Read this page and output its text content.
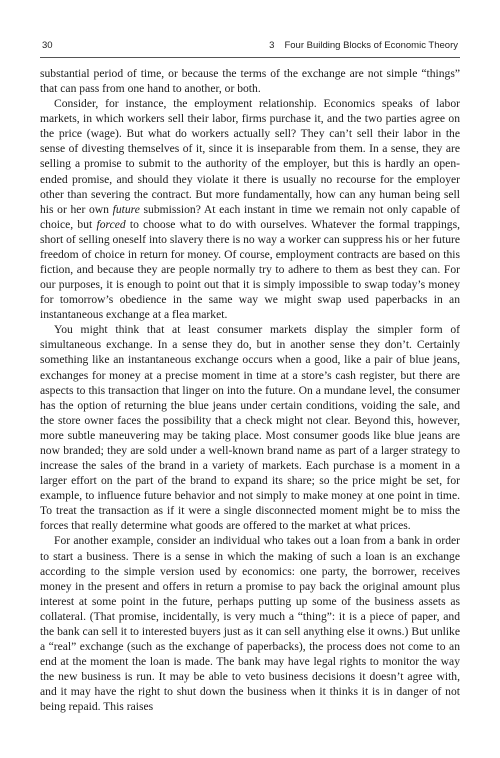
30	3 Four Building Blocks of Economic Theory

substantial period of time, or because the terms of the exchange are not simple “things” that can pass from one hand to another, or both.

Consider, for instance, the employment relationship. Economics speaks of labor markets, in which workers sell their labor, firms purchase it, and the two parties agree on the price (wage). But what do workers actually sell? They can’t sell their labor in the sense of divesting themselves of it, since it is inseparable from them. In a sense, they are selling a promise to submit to the authority of the employer, but this is hardly an open-ended promise, and should they violate it there is usually no recourse for the employer other than severing the contract. But more fundamentally, how can any human being sell his or her own future submission? At each instant in time we remain not only capable of choice, but forced to choose what to do with ourselves. Whatever the formal trappings, short of selling oneself into slavery there is no way a worker can suppress his or her future freedom of choice in return for money. Of course, employment contracts are based on this fiction, and because they are people normally try to adhere to them as best they can. For our purposes, it is enough to point out that it is simply impossible to swap today’s money for tomorrow’s obedience in the same way we might swap used paperbacks in an instantaneous exchange at a flea market.

You might think that at least consumer markets display the simpler form of simultaneous exchange. In a sense they do, but in another sense they don’t. Certainly something like an instantaneous exchange occurs when a good, like a pair of blue jeans, exchanges for money at a precise moment in time at a store’s cash register, but there are aspects to this transaction that linger on into the future. On a mundane level, the consumer has the option of returning the blue jeans under certain conditions, voiding the sale, and the store owner faces the possibility that a check might not clear. Beyond this, however, more subtle maneuvering may be taking place. Most consumer goods like blue jeans are now branded; they are sold under a well-known brand name as part of a larger strategy to increase the sales of the brand in a variety of markets. Each purchase is a moment in a larger effort on the part of the brand to expand its share; so the price might be set, for example, to influence future behavior and not simply to make money at one point in time. To treat the transaction as if it were a single disconnected moment might be to miss the forces that really determine what goods are offered to the market at what prices.

For another example, consider an individual who takes out a loan from a bank in order to start a business. There is a sense in which the making of such a loan is an exchange according to the simple version used by economics: one party, the borrower, receives money in the present and offers in return a promise to pay back the original amount plus interest at some point in the future, perhaps putting up some of the business assets as collateral. (That promise, incidentally, is very much a “thing”: it is a piece of paper, and the bank can sell it to interested buyers just as it can sell anything else it owns.) But unlike a “real” exchange (such as the exchange of paperbacks), the process does not come to an end at the moment the loan is made. The bank may have legal rights to monitor the way the new business is run. It may be able to veto business decisions it doesn’t agree with, and it may have the right to shut down the business when it thinks it is in danger of not being repaid. This raises
